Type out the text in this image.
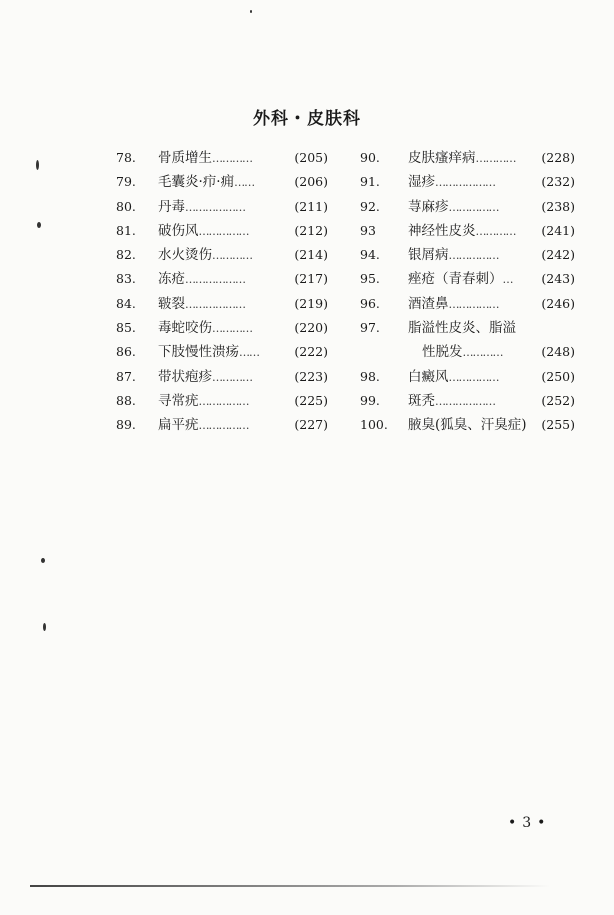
外科・皮肤科
78. 骨质增生…………	(205)
79. 毛囊炎·疖·痈……	(206)
80. 丹毒………………	(211)
81. 破伤风……………	(212)
82. 水火烫伤…………	(214)
83. 冻疮………………	(217)
84. 皲裂………………	(219)
85. 毒蛇咬伤…………	(220)
86. 下肢慢性溃疡……	(222)
87. 带状疱疹…………	(223)
88. 寻常疣……………	(225)
89. 扁平疣……………	(227)
90. 皮肤瘙痒病………… (228)
91. 湿疹………………	(232)
92. 荨麻疹……………	(238)
93 神经性皮炎………… (241)
94. 银屑病……………	(242)
95. 痤疮（青春刺）… (243)
96. 酒渣鼻……………	(246)
97. 脂溢性皮炎、脂溢
性脱发…………	(248)
98. 白癜风……………	(250)
99. 斑秃………………	(252)
100. 腋臭(狐臭、汗臭症) (255)
•3•
